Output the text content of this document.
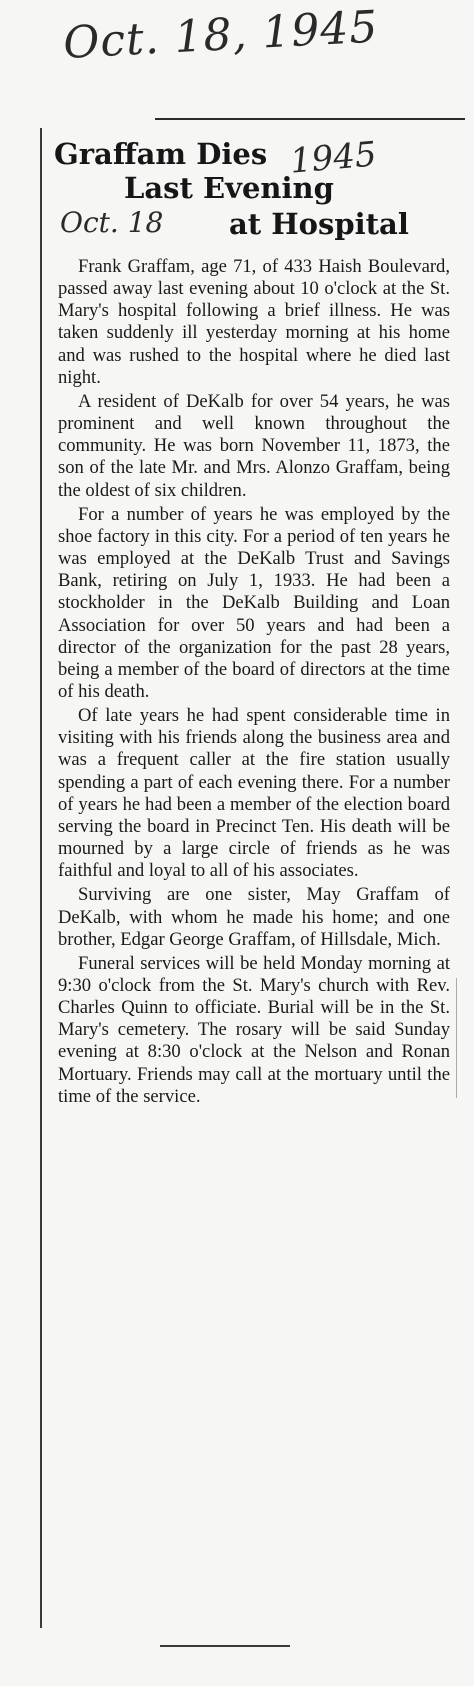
Oct. 18, 1945
Graffam Dies
Last Evening
at Hospital
1945
Oct. 18

Frank Graffam, age 71, of 433 Haish Boulevard, passed away last evening about 10 o'clock at the St. Mary's hospital following a brief illness. He was taken suddenly ill yesterday morning at his home and was rushed to the hospital where he died last night.

A resident of DeKalb for over 54 years, he was prominent and well known throughout the community. He was born November 11, 1873, the son of the late Mr. and Mrs. Alonzo Graffam, being the oldest of six children.

For a number of years he was employed by the shoe factory in this city. For a period of ten years he was employed at the DeKalb Trust and Savings Bank, retiring on July 1, 1933. He had been a stockholder in the DeKalb Building and Loan Association for over 50 years and had been a director of the organization for the past 28 years, being a member of the board of directors at the time of his death.

Of late years he had spent considerable time in visiting with his friends along the business area and was a frequent caller at the fire station usually spending a part of each evening there. For a number of years he had been a member of the election board serving the board in Precinct Ten. His death will be mourned by a large circle of friends as he was faithful and loyal to all of his associates.

Surviving are one sister, May Graffam of DeKalb, with whom he made his home; and one brother, Edgar George Graffam, of Hillsdale, Mich.

Funeral services will be held Monday morning at 9:30 o'clock from the St. Mary's church with Rev. Charles Quinn to officiate. Burial will be in the St. Mary's cemetery. The rosary will be said Sunday evening at 8:30 o'clock at the Nelson and Ronan Mortuary. Friends may call at the mortuary until the time of the service.
